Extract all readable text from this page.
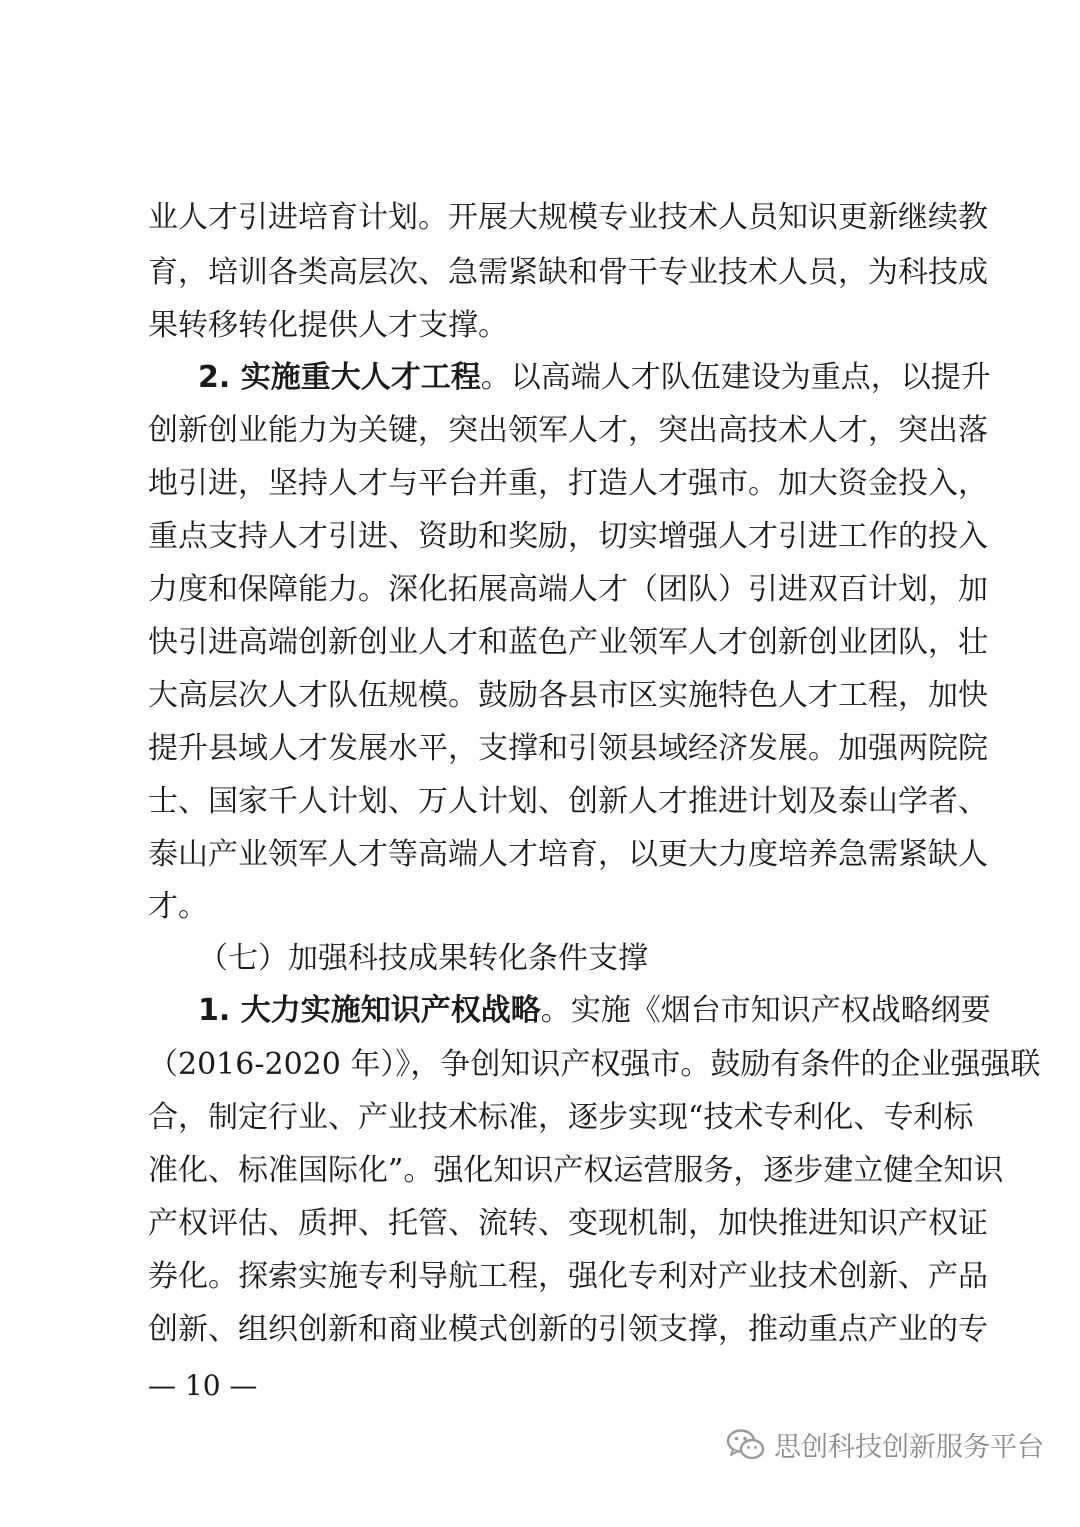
业人才引进培育计划。开展大规模专业技术人员知识更新继续教
育，培训各类高层次、急需紧缺和骨干专业技术人员，为科技成
果转移转化提供人才支撑。
2. 实施重大人才工程。以高端人才队伍建设为重点，以提升
创新创业能力为关键，突出领军人才，突出高技术人才，突出落
地引进，坚持人才与平台并重，打造人才强市。加大资金投入，
重点支持人才引进、资助和奖励，切实增强人才引进工作的投入
力度和保障能力。深化拓展高端人才（团队）引进双百计划，加
快引进高端创新创业人才和蓝色产业领军人才创新创业团队，壮
大高层次人才队伍规模。鼓励各县市区实施特色人才工程，加快
提升县域人才发展水平，支撑和引领县域经济发展。加强两院院
士、国家千人计划、万人计划、创新人才推进计划及泰山学者、
泰山产业领军人才等高端人才培育，以更大力度培养急需紧缺人
才。
（七）加强科技成果转化条件支撑
1. 大力实施知识产权战略。实施《烟台市知识产权战略纲要
（2016-2020 年）》，争创知识产权强市。鼓励有条件的企业强强联
合，制定行业、产业技术标准，逐步实现“技术专利化、专利标
准化、标准国际化”。强化知识产权运营服务，逐步建立健全知识
产权评估、质押、托管、流转、变现机制，加快推进知识产权证
券化。探索实施专利导航工程，强化专利对产业技术创新、产品
创新、组织创新和商业模式创新的引领支撑，推动重点产业的专
— 10 —
思创科技创新服务平台
